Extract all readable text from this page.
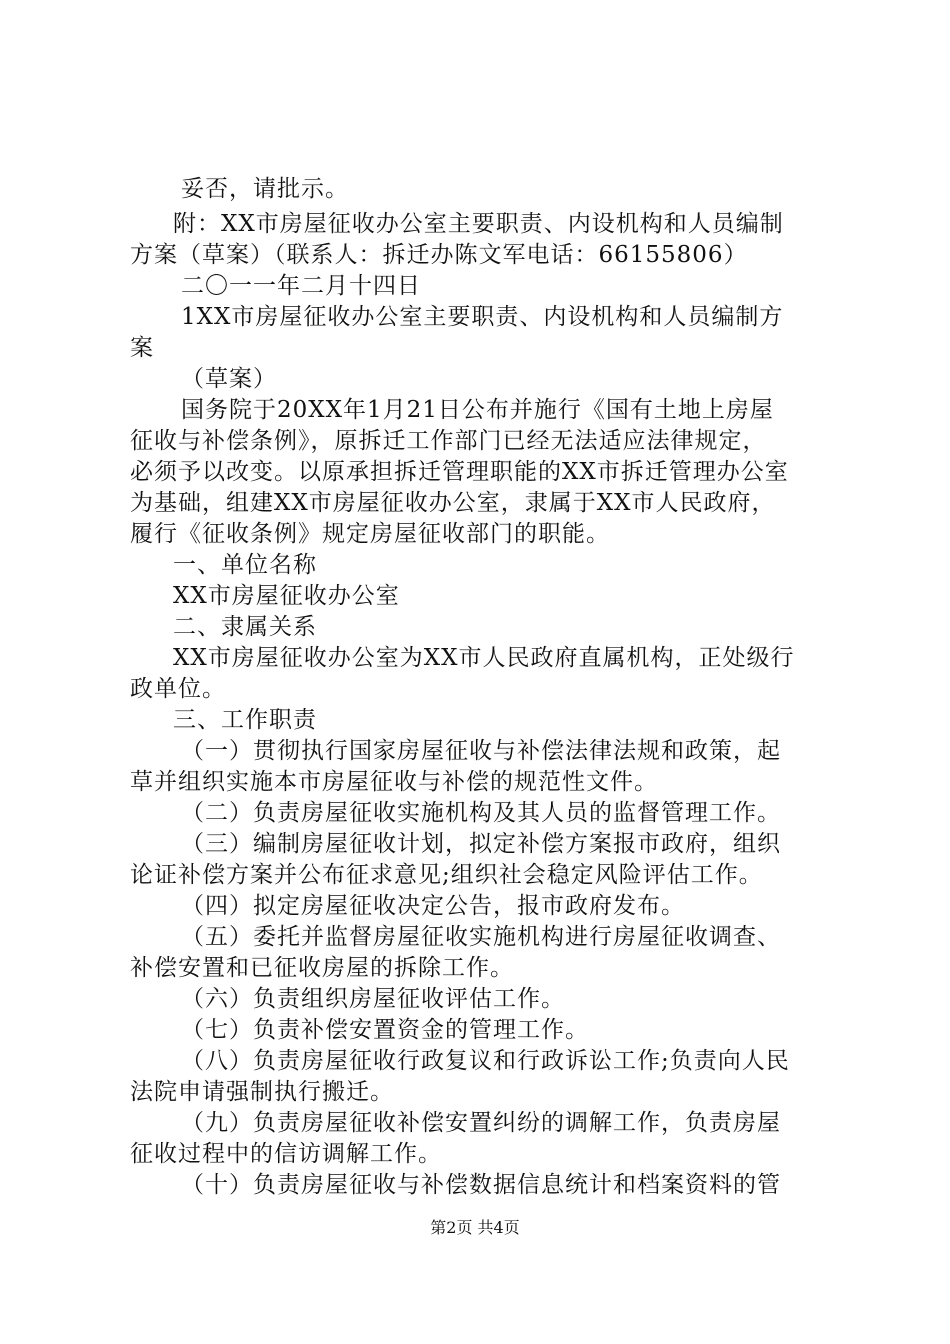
妥否，请批示。
附：XX市房屋征收办公室主要职责、内设机构和人员编制
方案（草案）（联系人：拆迁办陈文军电话：66155806）
二〇一一年二月十四日
1XX市房屋征收办公室主要职责、内设机构和人员编制方
案
（草案）
国务院于20XX年1月21日公布并施行《国有土地上房屋
征收与补偿条例》，原拆迁工作部门已经无法适应法律规定，
必须予以改变。以原承担拆迁管理职能的XX市拆迁管理办公室
为基础，组建XX市房屋征收办公室，隶属于XX市人民政府，
履行《征收条例》规定房屋征收部门的职能。
一、单位名称
XX市房屋征收办公室
二、隶属关系
XX市房屋征收办公室为XX市人民政府直属机构，正处级行
政单位。
三、工作职责
（一）贯彻执行国家房屋征收与补偿法律法规和政策，起
草并组织实施本市房屋征收与补偿的规范性文件。
（二）负责房屋征收实施机构及其人员的监督管理工作。
（三）编制房屋征收计划，拟定补偿方案报市政府，组织
论证补偿方案并公布征求意见;组织社会稳定风险评估工作。
（四）拟定房屋征收决定公告，报市政府发布。
（五）委托并监督房屋征收实施机构进行房屋征收调查、
补偿安置和已征收房屋的拆除工作。
（六）负责组织房屋征收评估工作。
（七）负责补偿安置资金的管理工作。
（八）负责房屋征收行政复议和行政诉讼工作;负责向人民
法院申请强制执行搬迁。
（九）负责房屋征收补偿安置纠纷的调解工作，负责房屋
征收过程中的信访调解工作。
（十）负责房屋征收与补偿数据信息统计和档案资料的管
第2页 共4页
